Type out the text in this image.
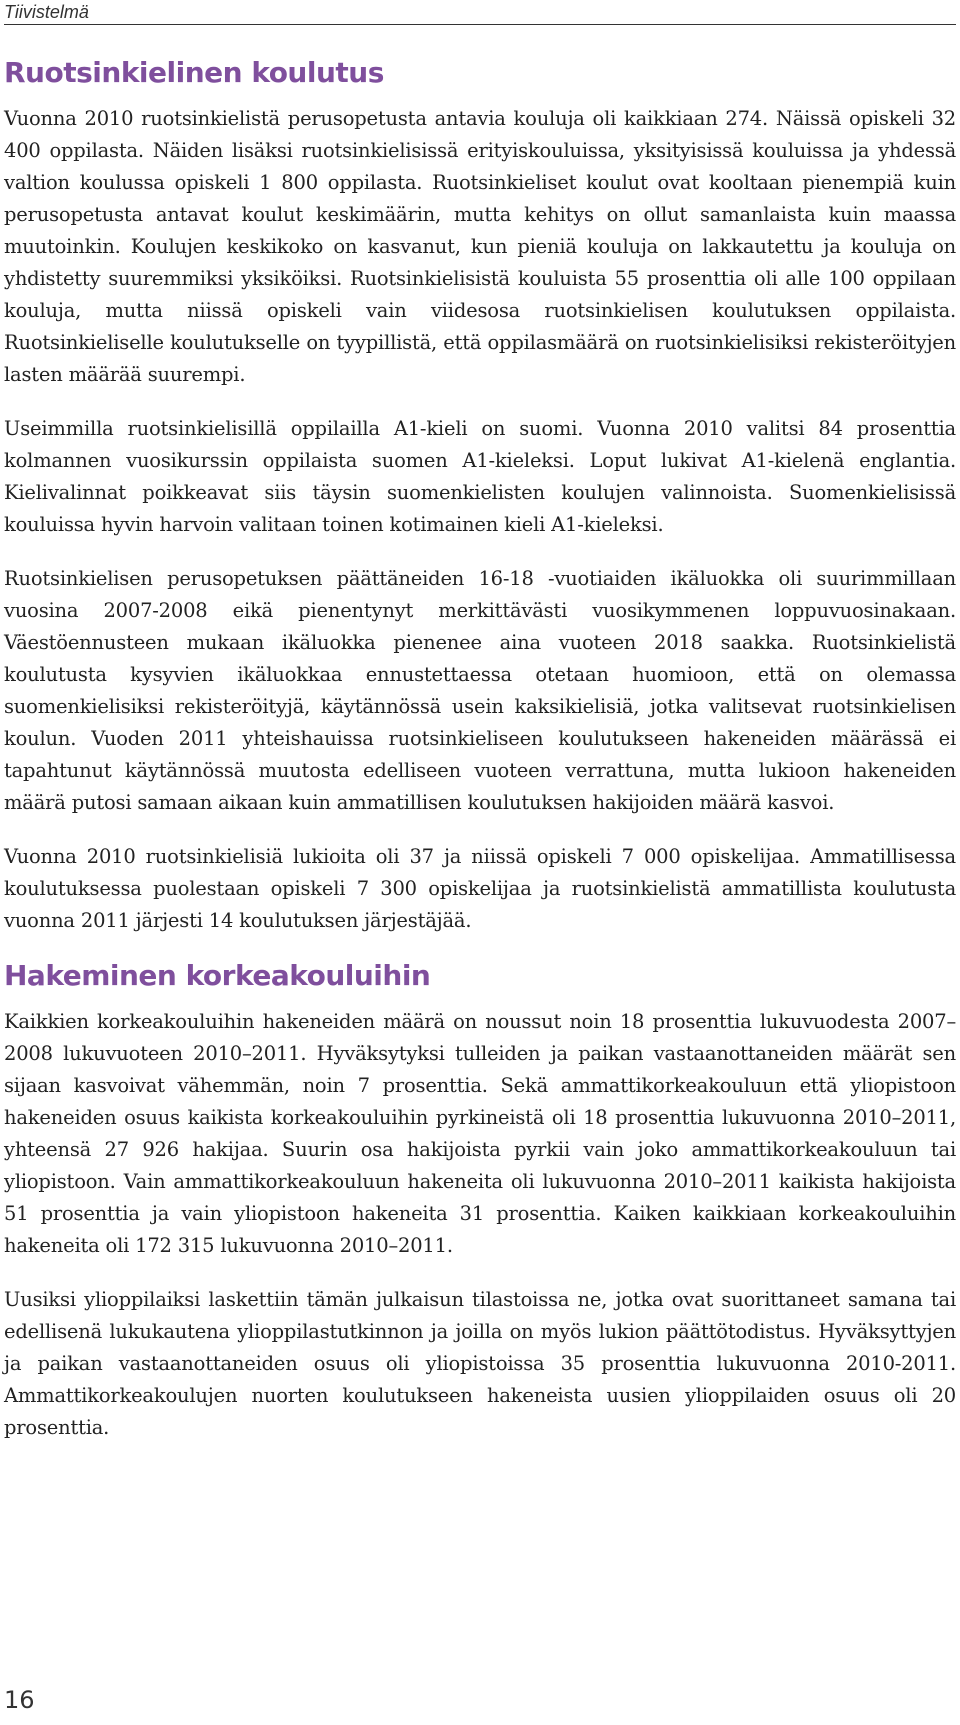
Tiivistelmä
Ruotsinkielinen koulutus

Vuonna 2010 ruotsinkielistä perusopetusta antavia kouluja oli kaikkiaan 274. Näissä opiskeli 32 400 oppilasta. Näiden lisäksi ruotsinkielisissä erityiskouluissa, yksityisissä kouluissa ja yhdessä valtion koulussa opiskeli 1 800 oppilasta. Ruotsinkieliset koulut ovat kooltaan pienempiä kuin perusopetusta antavat koulut keskimäärin, mutta kehitys on ollut samanlaista kuin maassa muutoinkin. Koulujen keskikoko on kasvanut, kun pieniä kouluja on lakkautettu ja kouluja on yhdistetty suuremmiksi yksiköiksi. Ruotsinkielisistä kouluista 55 prosenttia oli alle 100 oppilaan kouluja, mutta niissä opiskeli vain viidesosa ruotsinkielisen koulutuksen oppilaista. Ruotsinkieliselle koulutukselle on tyypillistä, että oppilasmäärä on ruotsinkielisiksi rekisteröityjen lasten määrää suurempi.

Useimmilla ruotsinkielisillä oppilailla A1-kieli on suomi. Vuonna 2010 valitsi 84 prosenttia kolmannen vuosikurssin oppilaista suomen A1-kieleksi. Loput lukivat A1-kielenä englantia. Kielivalinnat poikkeavat siis täysin suomenkielisten koulujen valinnoista. Suomenkielisissä kouluissa hyvin harvoin valitaan toinen kotimainen kieli A1-kieleksi.

Ruotsinkielisen perusopetuksen päättäneiden 16-18 -vuotiaiden ikäluokka oli suurimmillaan vuosina 2007-2008 eikä pienentynyt merkittävästi vuosikymmenen loppuvuosinakaan. Väestöennusteen mukaan ikäluokka pienenee aina vuoteen 2018 saakka. Ruotsinkielistä koulutusta kysyvien ikäluokkaa ennustettaessa otetaan huomioon, että on olemassa suomenkielisiksi rekisteröityjä, käytännössä usein kaksikielisiä, jotka valitsevat ruotsinkielisen koulun. Vuoden 2011 yhteishauissa ruotsinkieliseen koulutukseen hakeneiden määrässä ei tapahtunut käytännössä muutosta edelliseen vuoteen verrattuna, mutta lukioon hakeneiden määrä putosi samaan aikaan kuin ammatillisen koulutuksen hakijoiden määrä kasvoi.

Vuonna 2010 ruotsinkielisiä lukioita oli 37 ja niissä opiskeli 7 000 opiskelijaa. Ammatillisessa koulutuksessa puolestaan opiskeli 7 300 opiskelijaa ja ruotsinkielistä ammatillista koulutusta vuonna 2011 järjesti 14 koulutuksen järjestäjää.

Hakeminen korkeakouluihin

Kaikkien korkeakouluihin hakeneiden määrä on noussut noin 18 prosenttia lukuvuodesta 2007–2008 lukuvuoteen 2010–2011. Hyväksytyksi tulleiden ja paikan vastaanottaneiden määrät sen sijaan kasvoivat vähemmän, noin 7 prosenttia. Sekä ammattikorkeakouluun että yliopistoon hakeneiden osuus kaikista korkeakouluihin pyrkineistä oli 18 prosenttia lukuvuonna 2010–2011, yhteensä 27 926 hakijaa. Suurin osa hakijoista pyrkii vain joko ammattikorkeakouluun tai yliopistoon. Vain ammattikorkeakouluun hakeneita oli lukuvuonna 2010–2011 kaikista hakijoista 51 prosenttia ja vain yliopistoon hakeneita 31 prosenttia. Kaiken kaikkiaan korkeakouluihin hakeneita oli 172 315 lukuvuonna 2010–2011.

Uusiksi ylioppilaiksi laskettiin tämän julkaisun tilastoissa ne, jotka ovat suorittaneet samana tai edellisenä lukukautena ylioppilastutkinnon ja joilla on myös lukion päättötodistus. Hyväksyttyjen ja paikan vastaanottaneiden osuus oli yliopistoissa 35 prosenttia lukuvuonna 2010-2011. Ammattikorkeakoulujen nuorten koulutukseen hakeneista uusien ylioppilaiden osuus oli 20 prosenttia.

16
